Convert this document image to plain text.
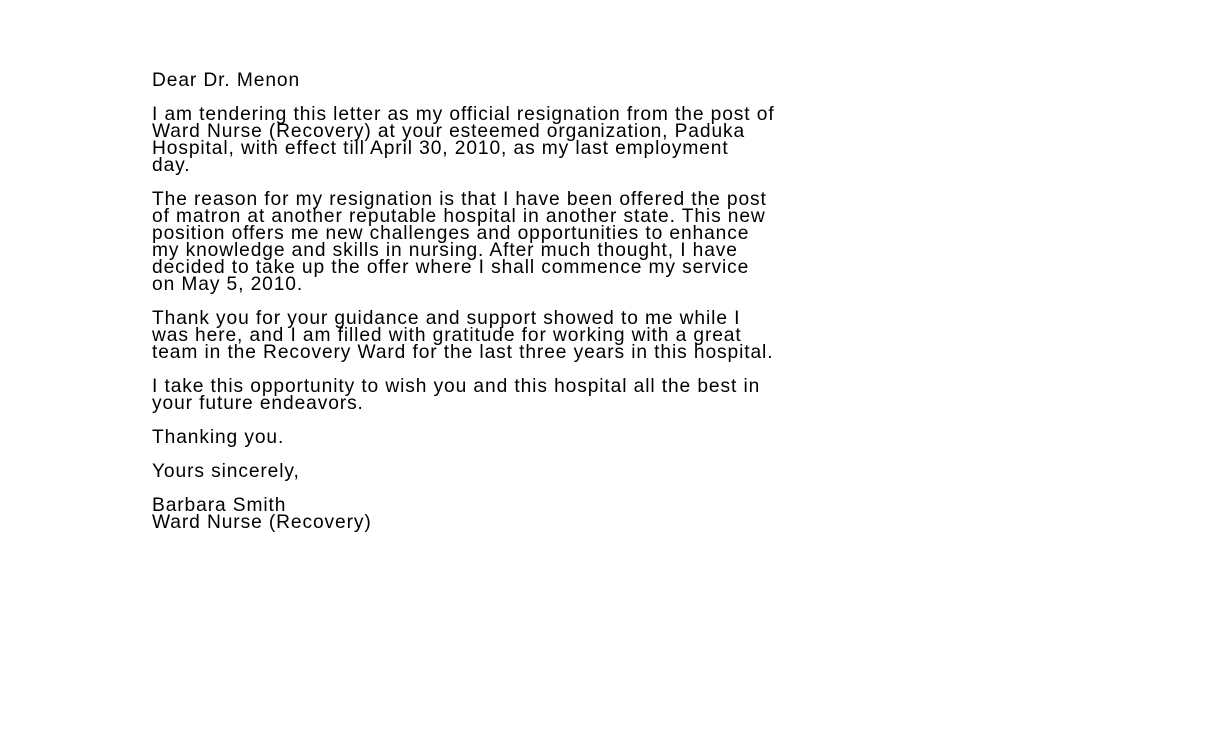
Dear Dr. Menon
I am tendering this letter as my official resignation from the post of
Ward Nurse (Recovery) at your esteemed organization, Paduka
Hospital, with effect till April 30, 2010, as my last employment
day.
The reason for my resignation is that I have been offered the post
of matron at another reputable hospital in another state. This new
position offers me new challenges and opportunities to enhance
my knowledge and skills in nursing. After much thought, I have
decided to take up the offer where I shall commence my service
on May 5, 2010.
Thank you for your guidance and support showed to me while I
was here, and I am filled with gratitude for working with a great
team in the Recovery Ward for the last three years in this hospital.
I take this opportunity to wish you and this hospital all the best in
your future endeavors.
Thanking you.
Yours sincerely,
Barbara Smith
Ward Nurse (Recovery)
